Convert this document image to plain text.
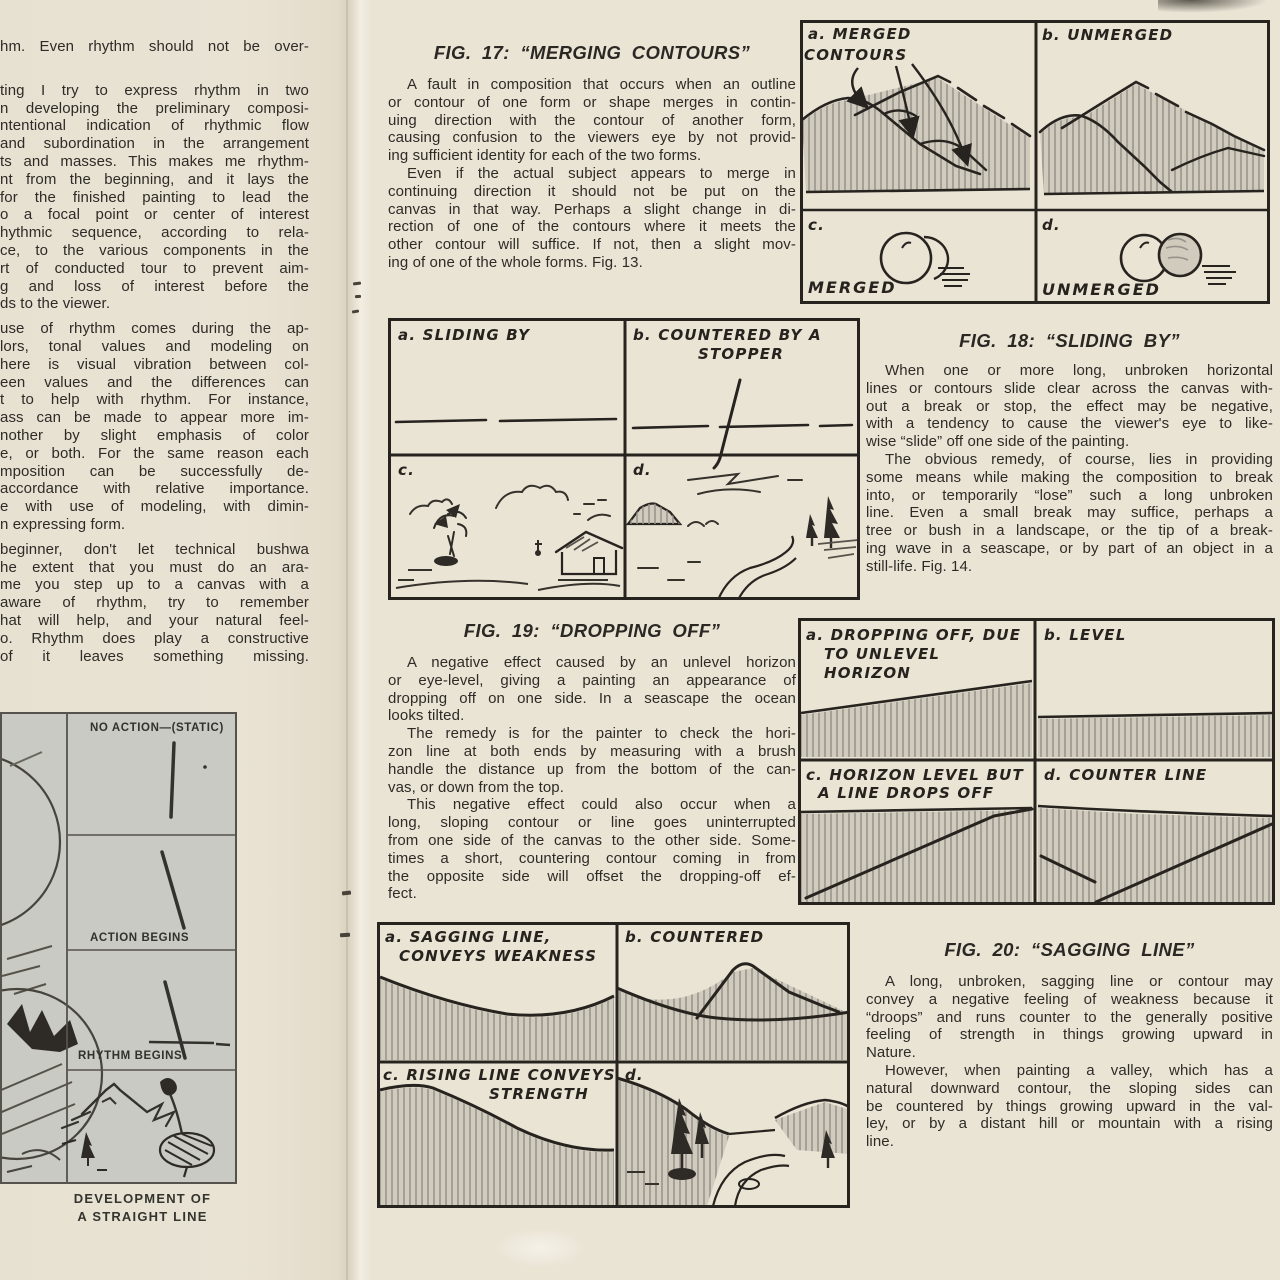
hm. Even rhythm should not be over-
ting I try to express rhythm in two
n developing the preliminary composi-
ntentional indication of rhythmic flow
and subordination in the arrangement
ts and masses. This makes me rhythm-
nt from the beginning, and it lays the
for the finished painting to lead the
o a focal point or center of interest
hythmic sequence, according to rela-
ce, to the various components in the
rt of conducted tour to prevent aim-
g and loss of interest before the
ds to the viewer.
use of rhythm comes during the ap-
lors, tonal values and modeling on
here is visual vibration between col-
een values and the differences can
t to help with rhythm. For instance,
ass can be made to appear more im-
nother by slight emphasis of color
e, or both. For the same reason each
mposition can be successfully de-
accordance with relative importance.
e with use of modeling, with dimin-
n expressing form.
beginner, don't let technical bushwa
he extent that you must do an ara-
me you step up to a canvas with a
aware of rhythm, try to remember
hat will help, and your natural feel-
o. Rhythm does play a constructive
of it leaves something missing.
FIG. 17: “MERGING CONTOURS”
A fault in composition that occurs when an outline
or contour of one form or shape merges in contin-
uing direction with the contour of another form,
causing confusion to the viewers eye by not provid-
ing sufficient identity for each of the two forms.
Even if the actual subject appears to merge in
continuing direction it should not be put on the
canvas in that way. Perhaps a slight change in di-
rection of one of the contours where it meets the
other contour will suffice. If not, then a slight mov-
ing of one of the whole forms. Fig. 13.
a. MERGED
CONTOURS
b. UNMERGED
c.	d.
MERGED	UNMERGED
a. SLIDING BY	b. COUNTERED BY A
STOPPER
c.	d.
FIG. 18: “SLIDING BY”
When one or more long, unbroken horizontal
lines or contours slide clear across the canvas with-
out a break or stop, the effect may be negative,
with a tendency to cause the viewer's eye to like-
wise “slide” off one side of the painting.
The obvious remedy, of course, lies in providing
some means while making the composition to break
into, or temporarily “lose” such a long unbroken
line. Even a small break may suffice, perhaps a
tree or bush in a landscape, or the tip of a break-
ing wave in a seascape, or by part of an object in a
still-life. Fig. 14.
FIG. 19: “DROPPING OFF”
A negative effect caused by an unlevel horizon
or eye-level, giving a painting an appearance of
dropping off on one side. In a seascape the ocean
looks tilted.
The remedy is for the painter to check the hori-
zon line at both ends by measuring with a brush
handle the distance up from the bottom of the can-
vas, or down from the top.
This negative effect could also occur when a
long, sloping contour or line goes uninterrupted
from one side of the canvas to the other side. Some-
times a short, countering contour coming in from
the opposite side will offset the dropping-off ef-
fect.
a. DROPPING OFF, DUE
TO UNLEVEL
HORIZON
b. LEVEL
c. HORIZON LEVEL BUT
A LINE DROPS OFF
d. COUNTER LINE
a. SAGGING LINE,
CONVEYS WEAKNESS
b. COUNTERED
c. RISING LINE CONVEYS
STRENGTH
d.
FIG. 20: “SAGGING LINE”
A long, unbroken, sagging line or contour may
convey a negative feeling of weakness because it
“droops” and runs counter to the generally positive
feeling of strength in things growing upward in
Nature.
However, when painting a valley, which has a
natural downward contour, the sloping sides can
be countered by things growing upward in the val-
ley, or by a distant hill or mountain with a rising
line.
NO ACTION—(STATIC)
ACTION BEGINS
RHYTHM BEGINS
DEVELOPMENT OF
A STRAIGHT LINE
